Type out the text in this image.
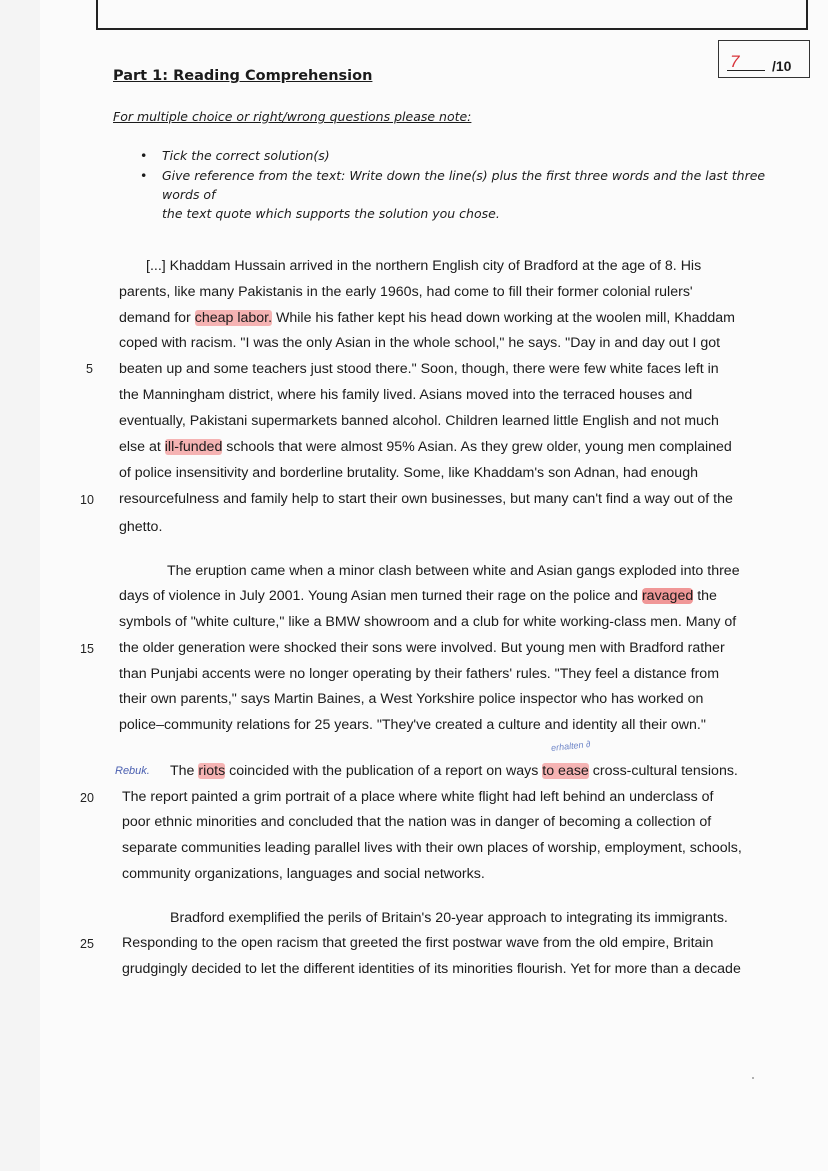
7 /10
Part 1: Reading Comprehension
For multiple choice or right/wrong questions please note:
• Tick the correct solution(s)
• Give reference from the text: Write down the line(s) plus the first three words and the last three words of
the text quote which supports the solution you chose.
[...] Khaddam Hussain arrived in the northern English city of Bradford at the age of 8. His
parents, like many Pakistanis in the early 1960s, had come to fill their former colonial rulers'
demand for cheap labor. While his father kept his head down working at the woolen mill, Khaddam
coped with racism. "I was the only Asian in the whole school," he says. "Day in and day out I got
beaten up and some teachers just stood there." Soon, though, there were few white faces left in
the Manningham district, where his family lived. Asians moved into the terraced houses and
eventually, Pakistani supermarkets banned alcohol. Children learned little English and not much
else at ill-funded schools that were almost 95% Asian. As they grew older, young men complained
of police insensitivity and borderline brutality. Some, like Khaddam's son Adnan, had enough
resourcefulness and family help to start their own businesses, but many can't find a way out of the
ghetto.
The eruption came when a minor clash between white and Asian gangs exploded into three
days of violence in July 2001. Young Asian men turned their rage on the police and ravaged the
symbols of "white culture," like a BMW showroom and a club for white working-class men. Many of
the older generation were shocked their sons were involved. But young men with Bradford rather
than Punjabi accents were no longer operating by their fathers' rules. "They feel a distance from
their own parents," says Martin Baines, a West Yorkshire police inspector who has worked on
police–community relations for 25 years. "They've created a culture and identity all their own."
erhalten ∂
Rebuk. The riots coincided with the publication of a report on ways to ease cross-cultural tensions.
The report painted a grim portrait of a place where white flight had left behind an underclass of
poor ethnic minorities and concluded that the nation was in danger of becoming a collection of
separate communities leading parallel lives with their own places of worship, employment, schools,
community organizations, languages and social networks.
Bradford exemplified the perils of Britain's 20-year approach to integrating its immigrants.
Responding to the open racism that greeted the first postwar wave from the old empire, Britain
grudgingly decided to let the different identities of its minorities flourish. Yet for more than a decade
5
10
15
20
25
